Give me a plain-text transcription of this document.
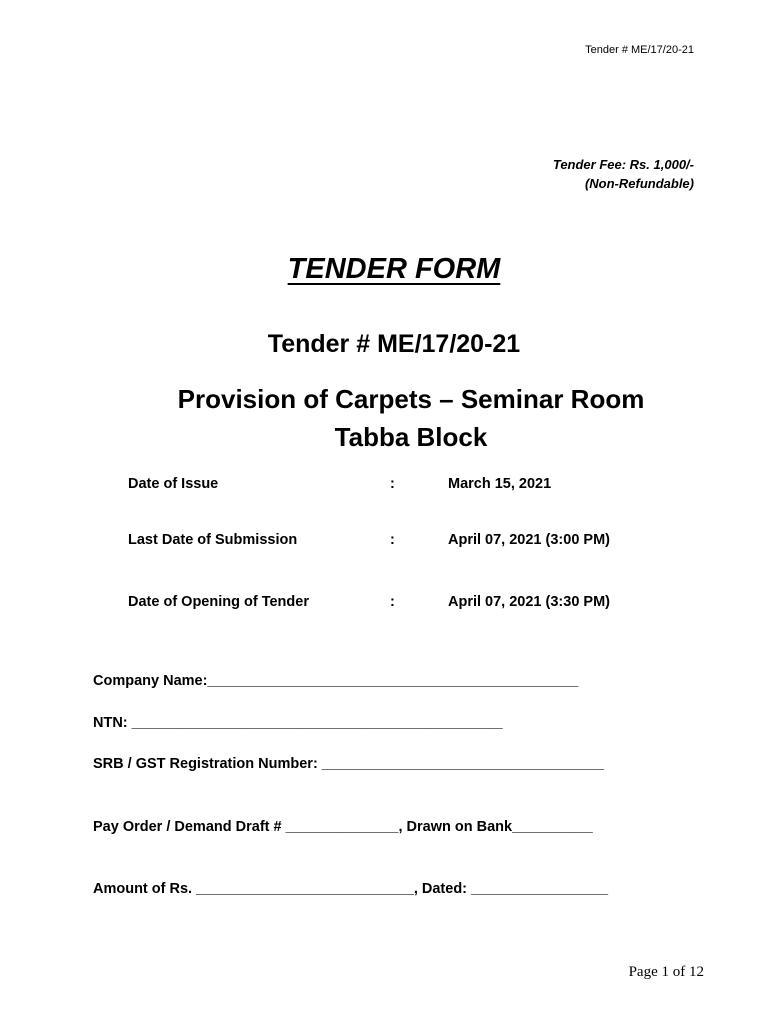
Tender # ME/17/20-21
Tender Fee: Rs. 1,000/-
(Non-Refundable)
TENDER FORM
Tender # ME/17/20-21
Provision of Carpets – Seminar Room
Tabba Block
Date of Issue	:	March 15, 2021
Last Date of Submission	:	April 07, 2021 (3:00 PM)
Date of Opening of Tender	:	April 07, 2021 (3:30 PM)
Company Name:______________________________________________
NTN: ______________________________________________
SRB / GST Registration Number: ___________________________________
Pay Order / Demand Draft # ______________, Drawn on Bank__________
Amount of Rs. ___________________________, Dated: _________________
Page 1 of 12
